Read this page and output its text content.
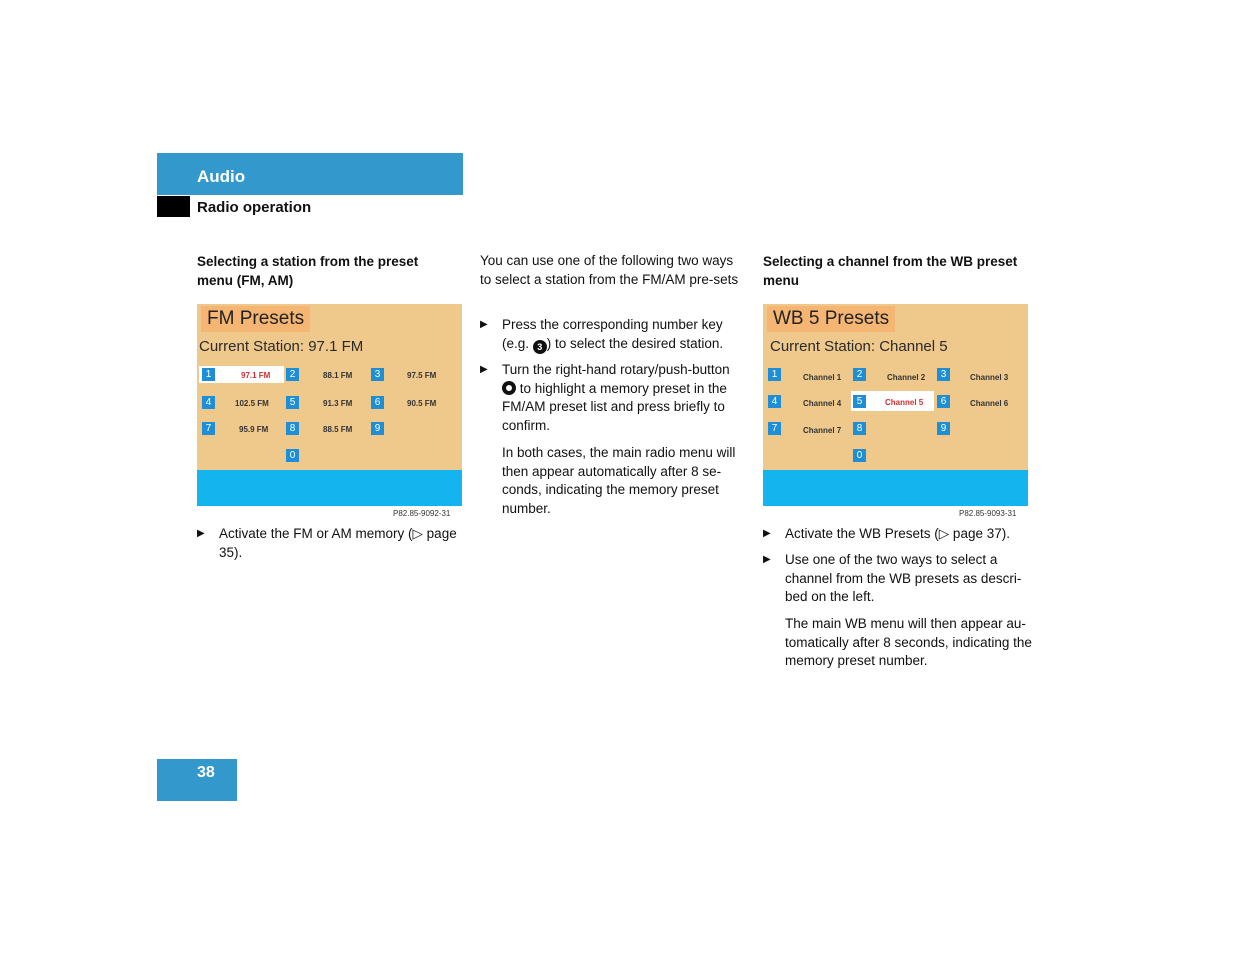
Audio
Radio operation
Selecting a station from the preset menu (FM, AM)
FM Presets
Current Station: 97.1 FM
1	97.1 FM	2	88.1 FM	3	97.5 FM
4	102.5 FM	5	91.3 FM	6	90.5 FM
7	95.9 FM	8	88.5 FM	9
0
P82.85-9092-31
▶ Activate the FM or AM memory (▷ page 35).
You can use one of the following two ways to select a station from the FM/AM pre-sets
▶ Press the corresponding number key (e.g. 3 ) to select the desired station.
▶ Turn the right-hand rotary/push-button  to highlight a memory preset in the FM/AM preset list and press briefly to confirm.
In both cases, the main radio menu will then appear automatically after 8 se-conds, indicating the memory preset number.
Selecting a channel from the WB preset menu
WB 5 Presets
Current Station: Channel 5
1	Channel 1	2	Channel 2	3	Channel 3
4	Channel 4	5	Channel 5	6	Channel 6
7	Channel 7	8	9
0
P82.85-9093-31
▶ Activate the WB Presets (▷ page 37).
▶ Use one of the two ways to select a channel from the WB presets as descri-bed on the left.
The main WB menu will then appear au-tomatically after 8 seconds, indicating the memory preset number.
38
